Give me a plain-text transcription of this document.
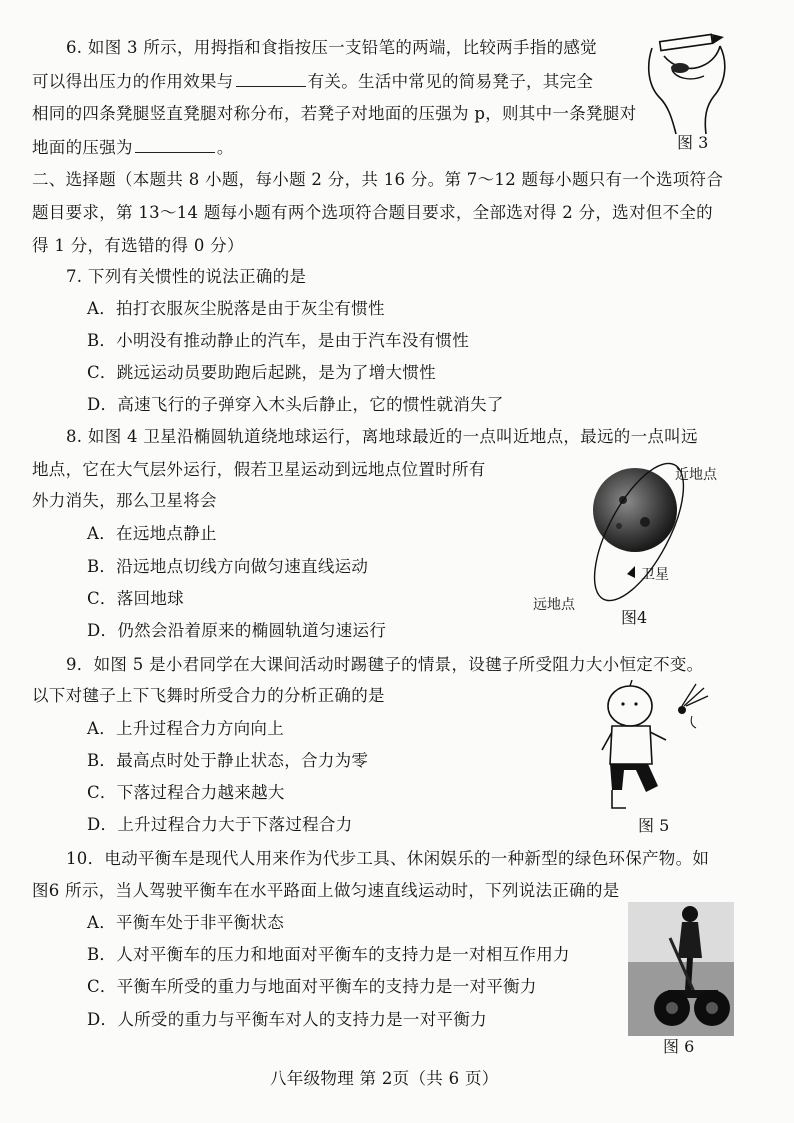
6. 如图 3 所示，用拇指和食指按压一支铅笔的两端，比较两手指的感觉
可以得出压力的作用效果与	有关。生活中常见的简易凳子，其完全
相同的四条凳腿竖直凳腿对称分布，若凳子对地面的压强为 p，则其中一条凳腿对
地面的压强为	。	图 3
二、选择题（本题共 8 小题，每小题 2 分，共 16 分。第 7～12 题每小题只有一个选项符合
题目要求，第 13～14 题每小题有两个选项符合题目要求，全部选对得 2 分，选对但不全的
得 1 分，有选错的得 0 分）
7. 下列有关惯性的说法正确的是
A．拍打衣服灰尘脱落是由于灰尘有惯性
B．小明没有推动静止的汽车，是由于汽车没有惯性
C．跳远运动员要助跑后起跳，是为了增大惯性
D．高速飞行的子弹穿入木头后静止，它的惯性就消失了
8. 如图 4 卫星沿椭圆轨道绕地球运行，离地球最近的一点叫近地点，最远的一点叫远
地点，它在大气层外运行，假若卫星运动到远地点位置时所有
外力消失，那么卫星将会
A．在远地点静止
B．沿远地点切线方向做匀速直线运动
C．落回地球
D．仍然会沿着原来的椭圆轨道匀速运行
近地点
卫星
远地点
图4
9．如图 5 是小君同学在大课间活动时踢毽子的情景，设毽子所受阻力大小恒定不变。
以下对毽子上下飞舞时所受合力的分析正确的是
A．上升过程合力方向向上
B．最高点时处于静止状态，合力为零
C．下落过程合力越来越大
D．上升过程合力大于下落过程合力	图 5
10．电动平衡车是现代人用来作为代步工具、休闲娱乐的一种新型的绿色环保产物。如
图6 所示，当人驾驶平衡车在水平路面上做匀速直线运动时，下列说法正确的是
A．平衡车处于非平衡状态
B．人对平衡车的压力和地面对平衡车的支持力是一对相互作用力
C．平衡车所受的重力与地面对平衡车的支持力是一对平衡力
D．人所受的重力与平衡车对人的支持力是一对平衡力
图 6
八年级物理 第 2页（共 6 页）
